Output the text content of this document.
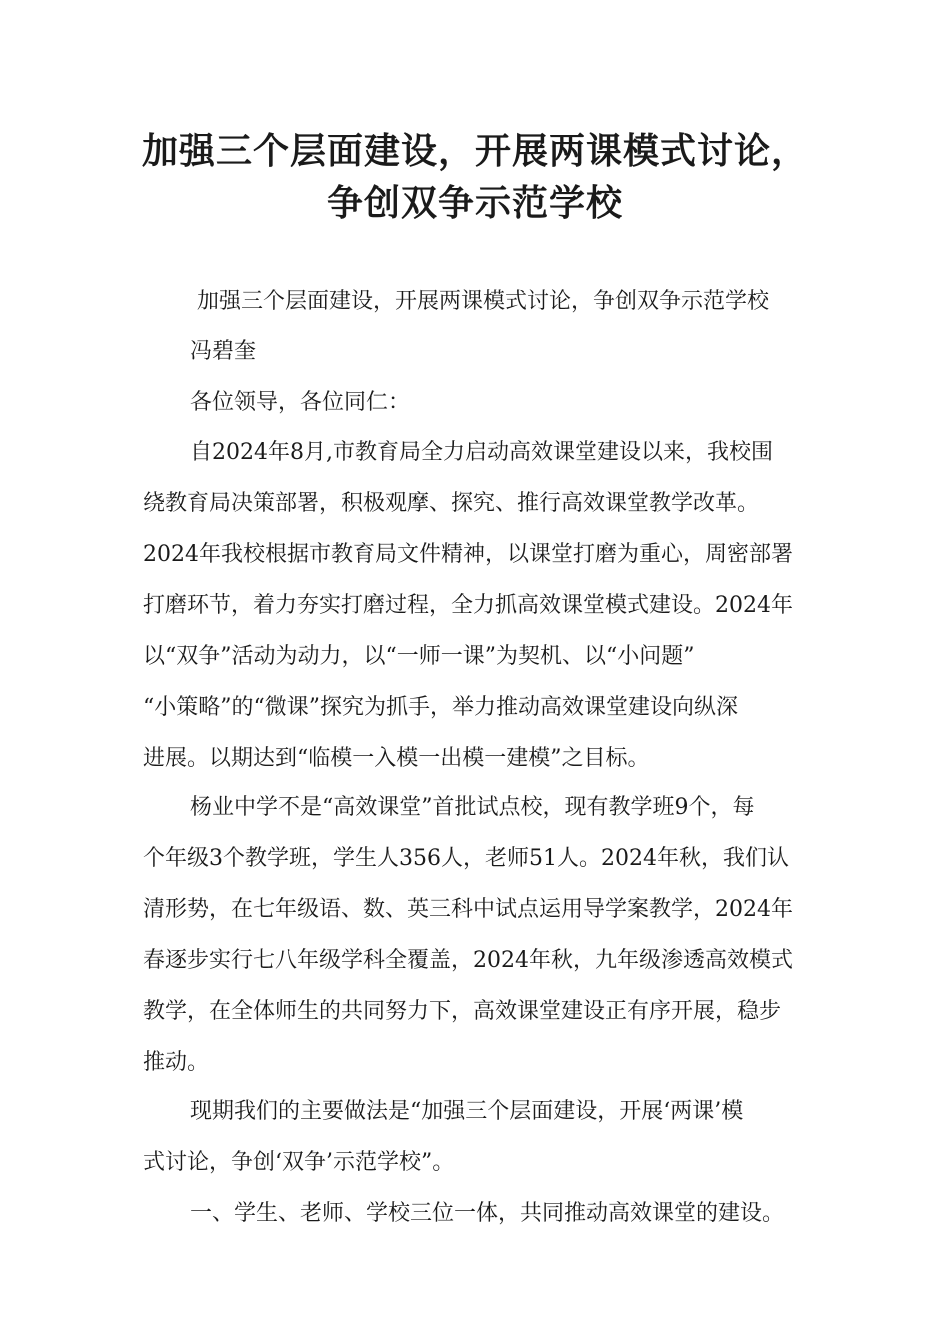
加强三个层面建设，开展两课模式讨论，
争创双争示范学校
加强三个层面建设，开展两课模式讨论，争创双争示范学校
冯碧奎
各位领导，各位同仁：
自2024年8月,市教育局全力启动高效课堂建设以来，我校围
绕教育局决策部署，积极观摩、探究、推行高效课堂教学改革。
2024年我校根据市教育局文件精神，以课堂打磨为重心，周密部署
打磨环节，着力夯实打磨过程，全力抓高效课堂模式建设。2024年
以“双争”活动为动力，以“一师一课”为契机、以“小问题”
“小策略”的“微课”探究为抓手，举力推动高效课堂建设向纵深
进展。以期达到“临模一入模一出模一建模”之目标。
杨业中学不是“高效课堂”首批试点校，现有教学班9个，每
个年级3个教学班，学生人356人，老师51人。2024年秋，我们认
清形势，在七年级语、数、英三科中试点运用导学案教学，2024年
春逐步实行七八年级学科全覆盖，2024年秋，九年级渗透高效模式
教学，在全体师生的共同努力下，高效课堂建设正有序开展，稳步
推动。
现期我们的主要做法是“加强三个层面建设，开展‘两课’模
式讨论，争创‘双争’示范学校”。
一、学生、老师、学校三位一体，共同推动高效课堂的建设。
